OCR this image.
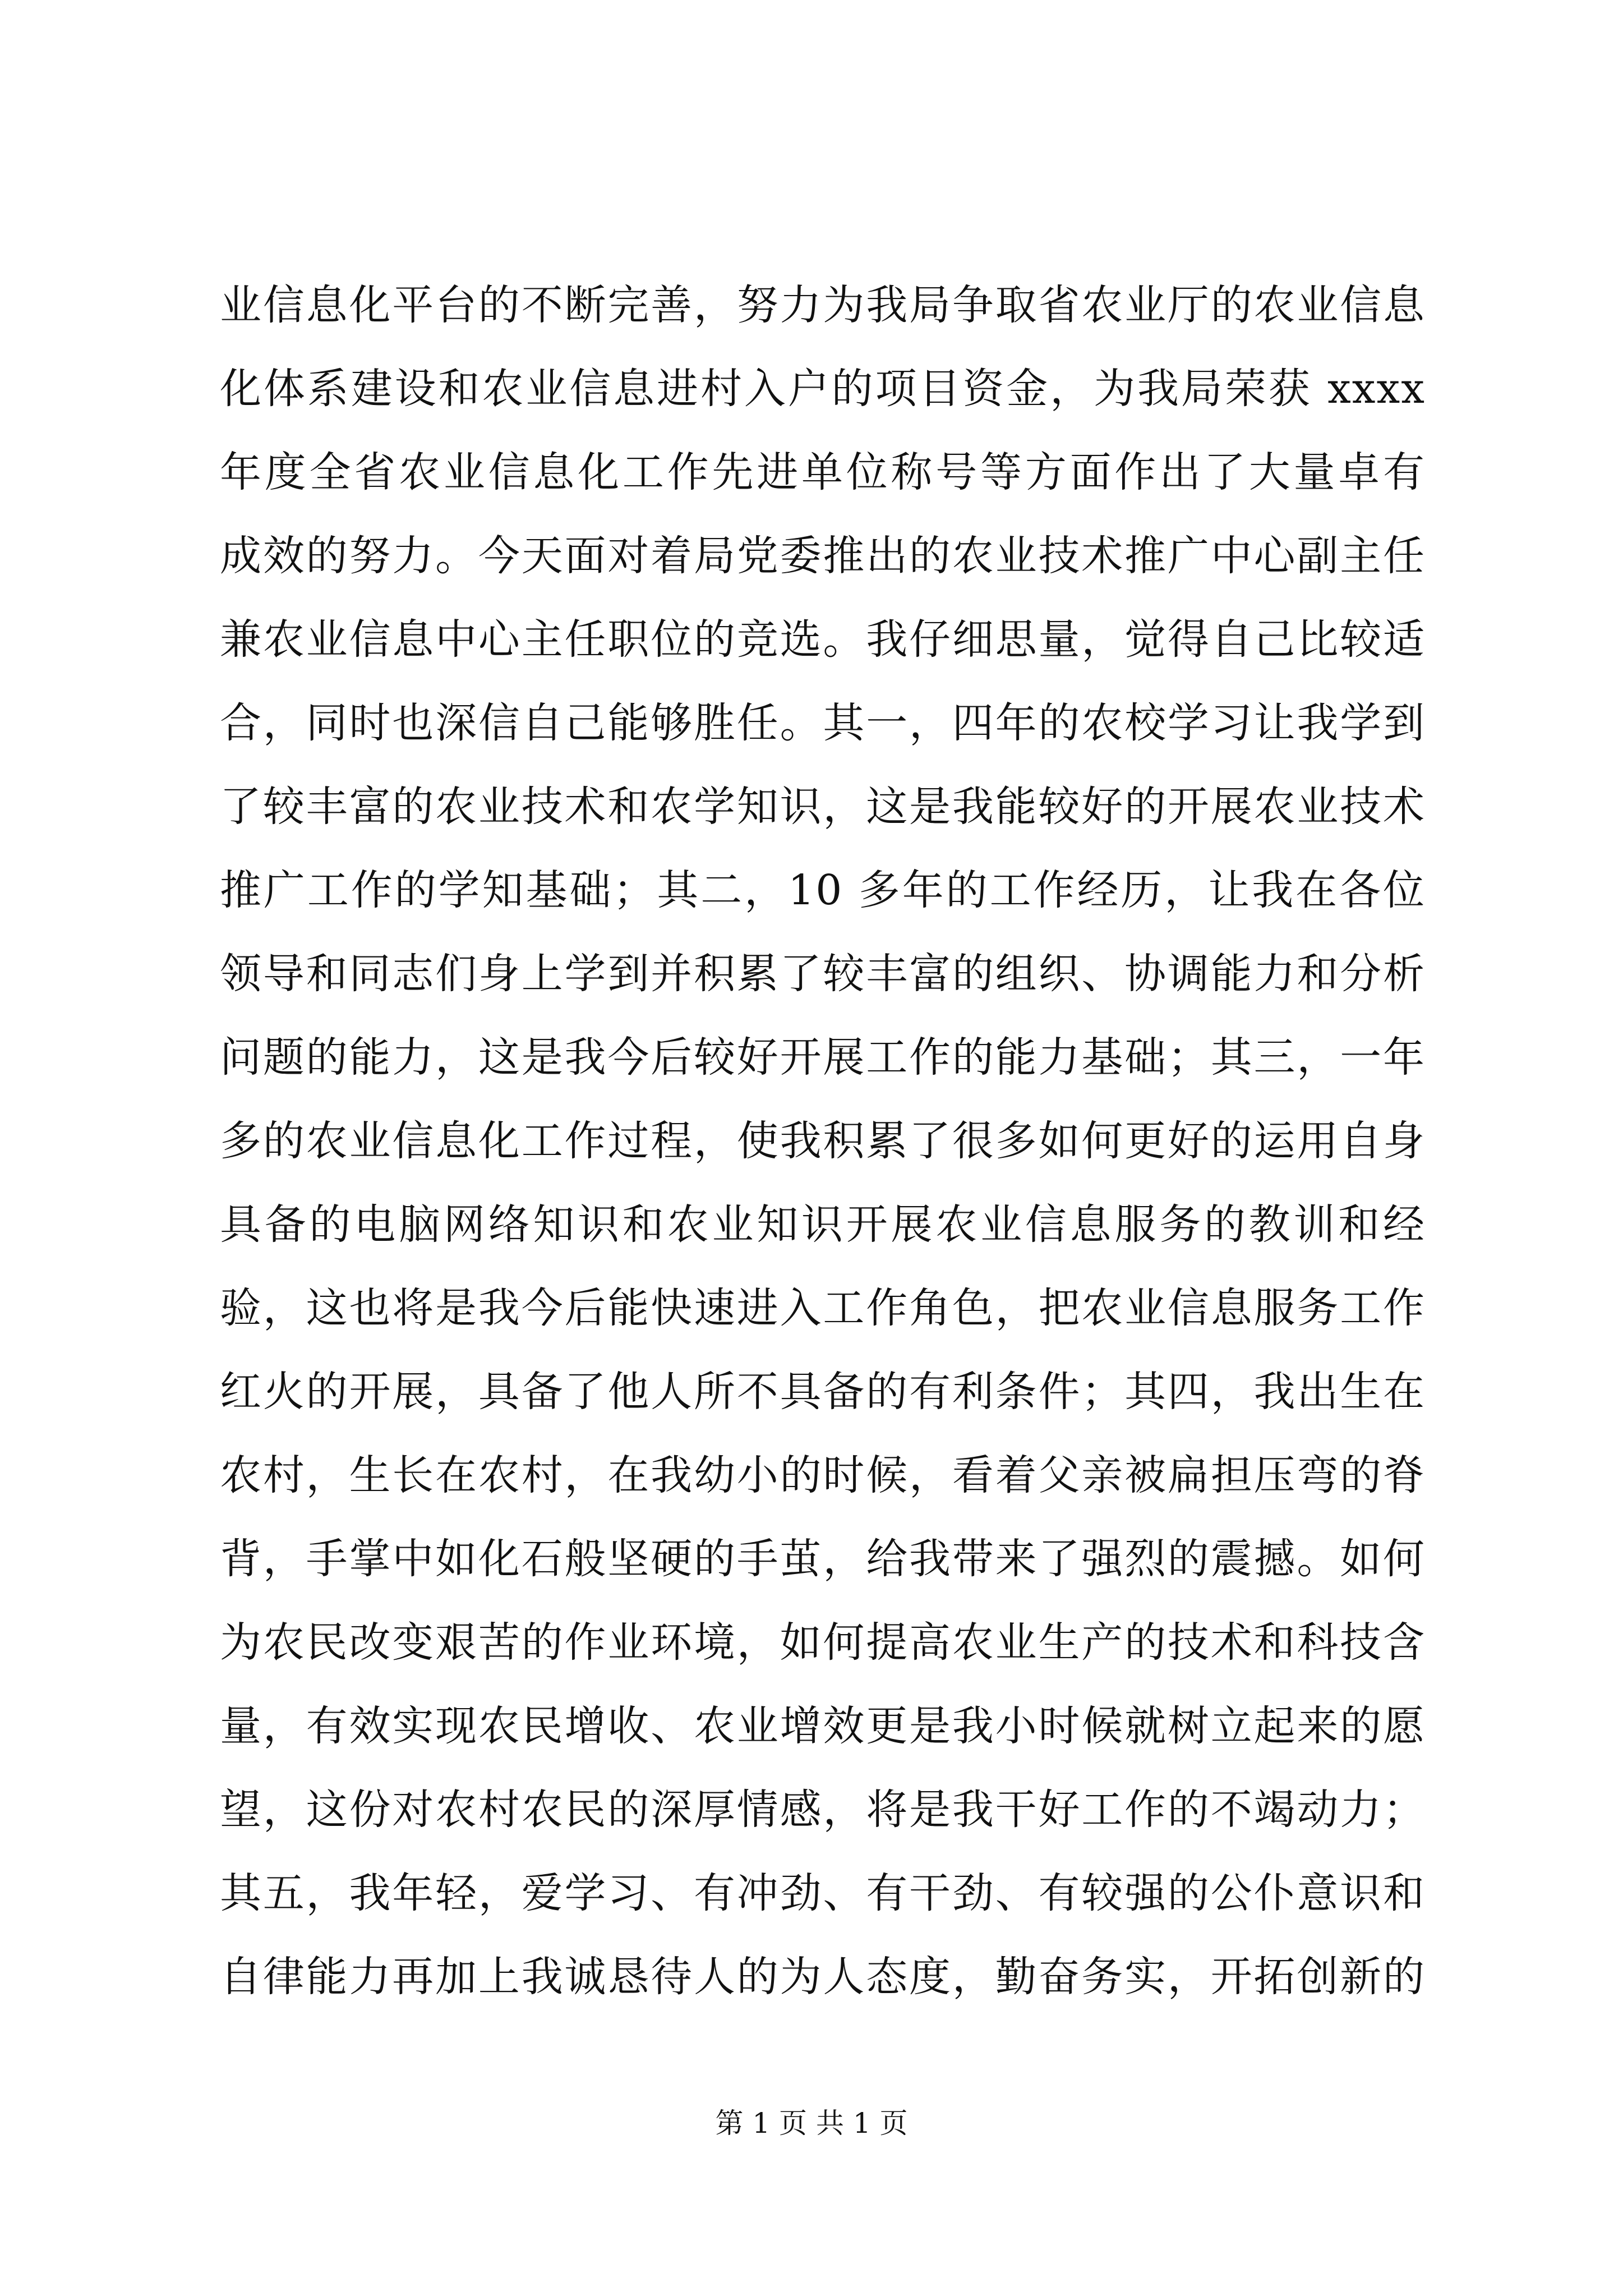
业信息化平台的不断完善，努力为我局争取省农业厅的农业信息
化体系建设和农业信息进村入户的项目资金，为我局荣获 xxxx
年度全省农业信息化工作先进单位称号等方面作出了大量卓有
成效的努力。今天面对着局党委推出的农业技术推广中心副主任
兼农业信息中心主任职位的竞选。我仔细思量，觉得自己比较适
合，同时也深信自己能够胜任。其一，四年的农校学习让我学到
了较丰富的农业技术和农学知识，这是我能较好的开展农业技术
推广工作的学知基础；其二，10 多年的工作经历，让我在各位
领导和同志们身上学到并积累了较丰富的组织、协调能力和分析
问题的能力，这是我今后较好开展工作的能力基础；其三，一年
多的农业信息化工作过程，使我积累了很多如何更好的运用自身
具备的电脑网络知识和农业知识开展农业信息服务的教训和经
验，这也将是我今后能快速进入工作角色，把农业信息服务工作
红火的开展，具备了他人所不具备的有利条件；其四，我出生在
农村，生长在农村，在我幼小的时候，看着父亲被扁担压弯的脊
背，手掌中如化石般坚硬的手茧，给我带来了强烈的震撼。如何
为农民改变艰苦的作业环境，如何提高农业生产的技术和科技含
量，有效实现农民增收、农业增效更是我小时候就树立起来的愿
望，这份对农村农民的深厚情感，将是我干好工作的不竭动力；
其五，我年轻，爱学习、有冲劲、有干劲、有较强的公仆意识和
自律能力再加上我诚恳待人的为人态度，勤奋务实，开拓创新的
第 1 页 共 1 页
